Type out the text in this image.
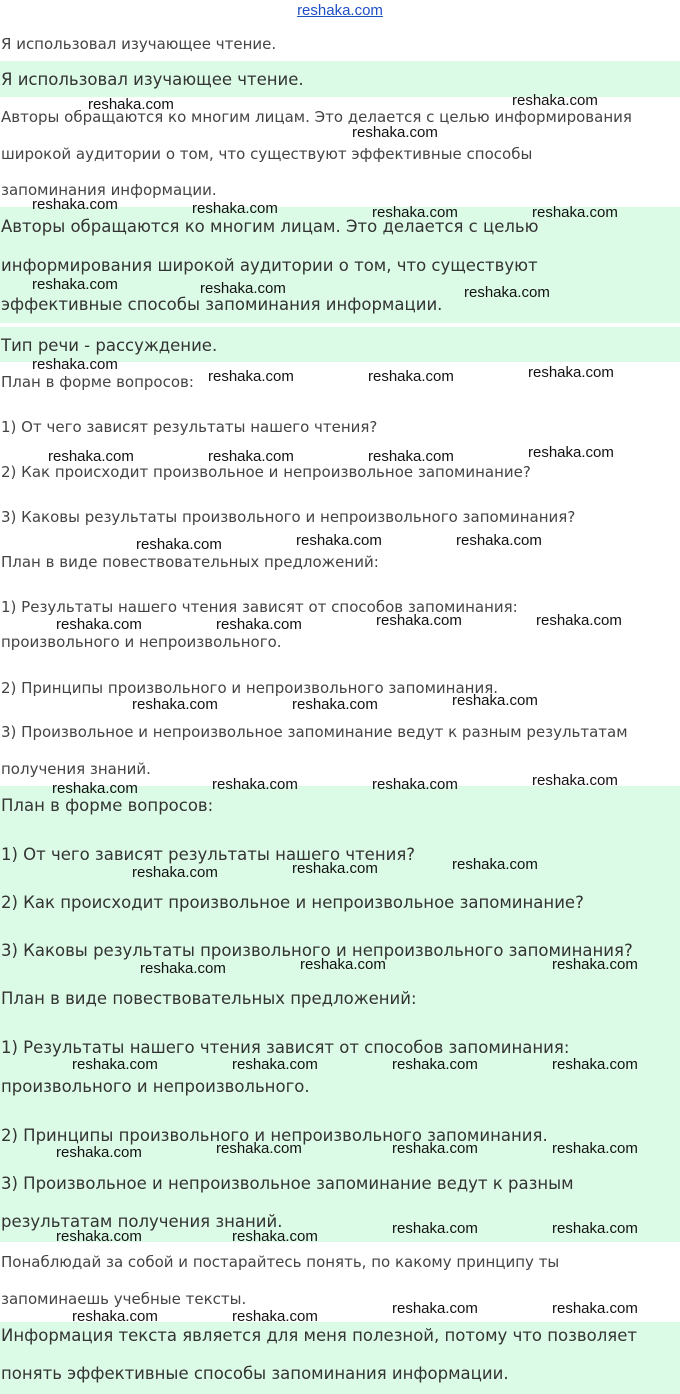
reshaka.com
Я использовал изучающее чтение.
Я использовал изучающее чтение.
Авторы обращаются ко многим лицам. Это делается с целью информирования
широкой аудитории о том, что существуют эффективные способы
запоминания информации.
Авторы обращаются ко многим лицам. Это делается с целью
информирования широкой аудитории о том, что существуют
эффективные способы запоминания информации.
Тип речи - рассуждение.
План в форме вопросов:
1) От чего зависят результаты нашего чтения?
2) Как происходит произвольное и непроизвольное запоминание?
3) Каковы результаты произвольного и непроизвольного запоминания?
План в виде повествовательных предложений:
1) Результаты нашего чтения зависят от способов запоминания:
произвольного и непроизвольного.
2) Принципы произвольного и непроизвольного запоминания.
3) Произвольное и непроизвольное запоминание ведут к разным результатам
получения знаний.
План в форме вопросов:
1) От чего зависят результаты нашего чтения?
2) Как происходит произвольное и непроизвольное запоминание?
3) Каковы результаты произвольного и непроизвольного запоминания?
План в виде повествовательных предложений:
1) Результаты нашего чтения зависят от способов запоминания:
произвольного и непроизвольного.
2) Принципы произвольного и непроизвольного запоминания.
3) Произвольное и непроизвольное запоминание ведут к разным
результатам получения знаний.
Понаблюдай за собой и постарайтесь понять, по какому принципу ты
запоминаешь учебные тексты.
Информация текста является для меня полезной, потому что позволяет
понять эффективные способы запоминания информации.
reshaka.com	reshaka.com
reshaka.com
reshaka.com	reshaka.com	reshaka.com	reshaka.com
reshaka.com	reshaka.com	reshaka.com
reshaka.com
reshaka.com	reshaka.com	reshaka.com
reshaka.com	reshaka.com	reshaka.com	reshaka.com
reshaka.com	reshaka.com	reshaka.com
reshaka.com	reshaka.com	reshaka.com	reshaka.com
reshaka.com	reshaka.com	reshaka.com
reshaka.com	reshaka.com	reshaka.com	reshaka.com
reshaka.com	reshaka.com	reshaka.com
reshaka.com	reshaka.com	reshaka.com
reshaka.com	reshaka.com	reshaka.com	reshaka.com
reshaka.com	reshaka.com	reshaka.com	reshaka.com
reshaka.com	reshaka.com	reshaka.com	reshaka.com
reshaka.com	reshaka.com	reshaka.com	reshaka.com
